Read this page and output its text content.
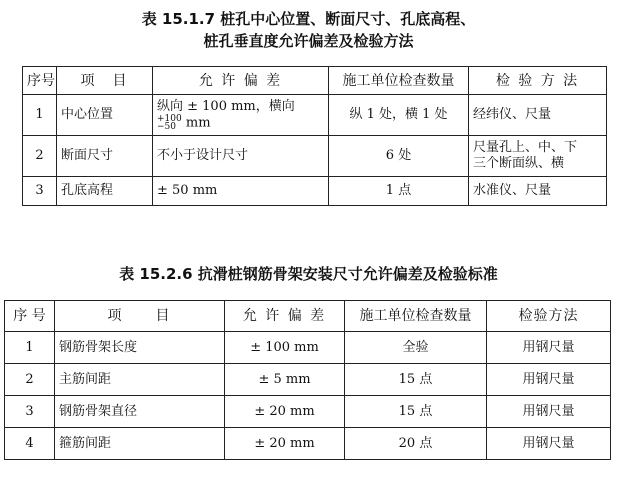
表 15.1.7 桩孔中心位置、断面尺寸、孔底高程、
桩孔垂直度允许偏差及检验方法
序号	项　目	允 许 偏 差	施工单位检查数量	检 验 方 法
1	中心位置	纵向 ± 100 mm，横向
+100
−50 mm	纵 1 处，横 1 处	经纬仪、尺量
2	断面尺寸	不小于设计尺寸	6 处	尺量孔上、中、下
三个断面纵、横

3	孔底高程	± 50 mm	1 点	水准仪、尺量
表 15.2.6 抗滑桩钢筋骨架安装尺寸允许偏差及检验标准
序 号	项　　目	允 许 偏 差	施工单位检查数量	检验方法
1	钢筋骨架长度	± 100 mm	全验	用钢尺量
2	主筋间距	± 5 mm	15 点	用钢尺量
3	钢筋骨架直径	± 20 mm	15 点	用钢尺量
4	箍筋间距	± 20 mm	20 点	用钢尺量
